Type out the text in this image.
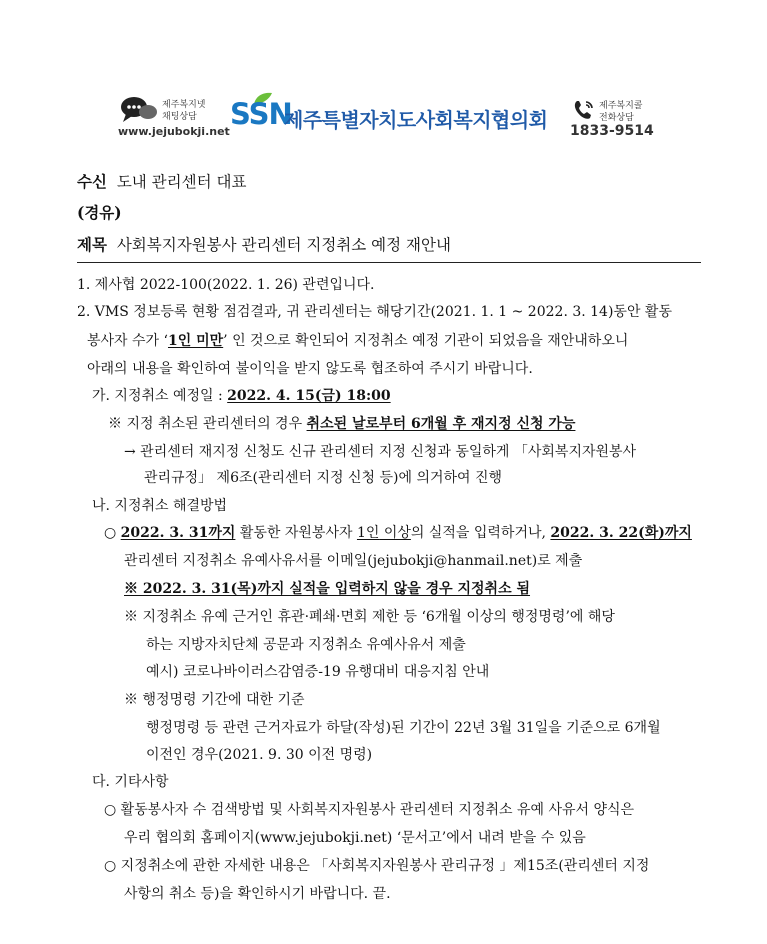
제주복지넷
채팅상담
www.jejubokji.net
SSN
제주특별자치도사회복지협의회
제주복지콜
전화상담
1833-9514
수신 도내 관리센터 대표
(경유)
제목 사회복지자원봉사 관리센터 지정취소 예정 재안내
1. 제사협 2022-100(2022. 1. 26) 관련입니다.
2. VMS 정보등록 현황 점검결과, 귀 관리센터는 해당기간(2021. 1. 1 ~ 2022. 3. 14)동안 활동
봉사자 수가 ‘1인 미만’ 인 것으로 확인되어 지정취소 예정 기관이 되었음을 재안내하오니
아래의 내용을 확인하여 불이익을 받지 않도록 협조하여 주시기 바랍니다.
가. 지정취소 예정일 : 2022. 4. 15(금) 18:00
※ 지정 취소된 관리센터의 경우 취소된 날로부터 6개월 후 재지정 신청 가능
→ 관리센터 재지정 신청도 신규 관리센터 지정 신청과 동일하게 「사회복지자원봉사
관리규정」 제6조(관리센터 지정 신청 등)에 의거하여 진행
나. 지정취소 해결방법
○ 2022. 3. 31까지 활동한 자원봉사자 1인 이상의 실적을 입력하거나, 2022. 3. 22(화)까지
관리센터 지정취소 유예사유서를 이메일(jejubokji@hanmail.net)로 제출
※ 2022. 3. 31(목)까지 실적을 입력하지 않을 경우 지정취소 됨
※ 지정취소 유예 근거인 휴관·폐쇄·면회 제한 등 ‘6개월 이상의 행정명령’에 해당
하는 지방자치단체 공문과 지정취소 유예사유서 제출
예시) 코로나바이러스감염증-19 유행대비 대응지침 안내
※ 행정명령 기간에 대한 기준
행정명령 등 관련 근거자료가 하달(작성)된 기간이 22년 3월 31일을 기준으로 6개월
이전인 경우(2021. 9. 30 이전 명령)
다. 기타사항
○ 활동봉사자 수 검색방법 및 사회복지자원봉사 관리센터 지정취소 유예 사유서 양식은
우리 협의회 홈페이지(www.jejubokji.net) ‘문서고’에서 내려 받을 수 있음
○ 지정취소에 관한 자세한 내용은 「사회복지자원봉사 관리규정 」제15조(관리센터 지정
사항의 취소 등)을 확인하시기 바랍니다. 끝.
